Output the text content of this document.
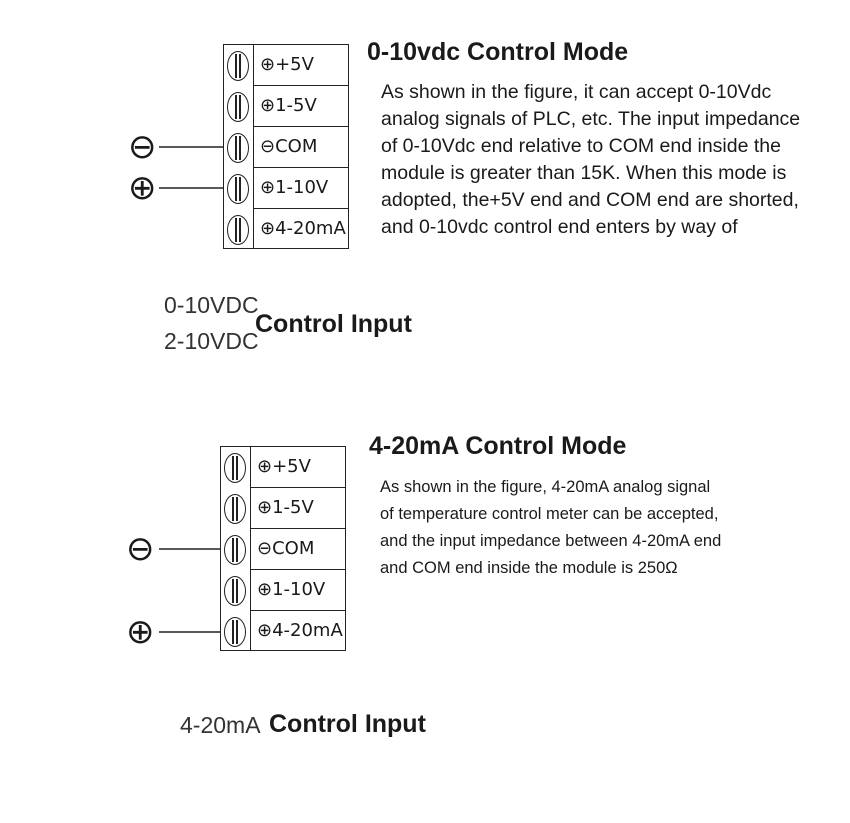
⊖
⊕
⊕+5V
⊕1-5V
⊖COM
⊕1-10V
⊕4-20mA
0-10vdc Control Mode

As shown in the figure, it can accept 0-10Vdc

analog signals of PLC, etc. The input impedance

of 0-10Vdc end relative to COM end inside the

module is greater than 15K. When this mode is

adopted, the+5V end and COM end are shorted,

and 0-10vdc control end enters by way of

0-10VDC
2-10VDC
Control Input
⊖
⊕
⊕+5V
⊕1-5V
⊖COM
⊕1-10V
⊕4-20mA
4-20mA Control Mode

As shown in the figure, 4-20mA analog signal

of temperature control meter can be accepted,

and the input impedance between 4-20mA end

and COM end inside the module is 250Ω

4-20mA Control Input
